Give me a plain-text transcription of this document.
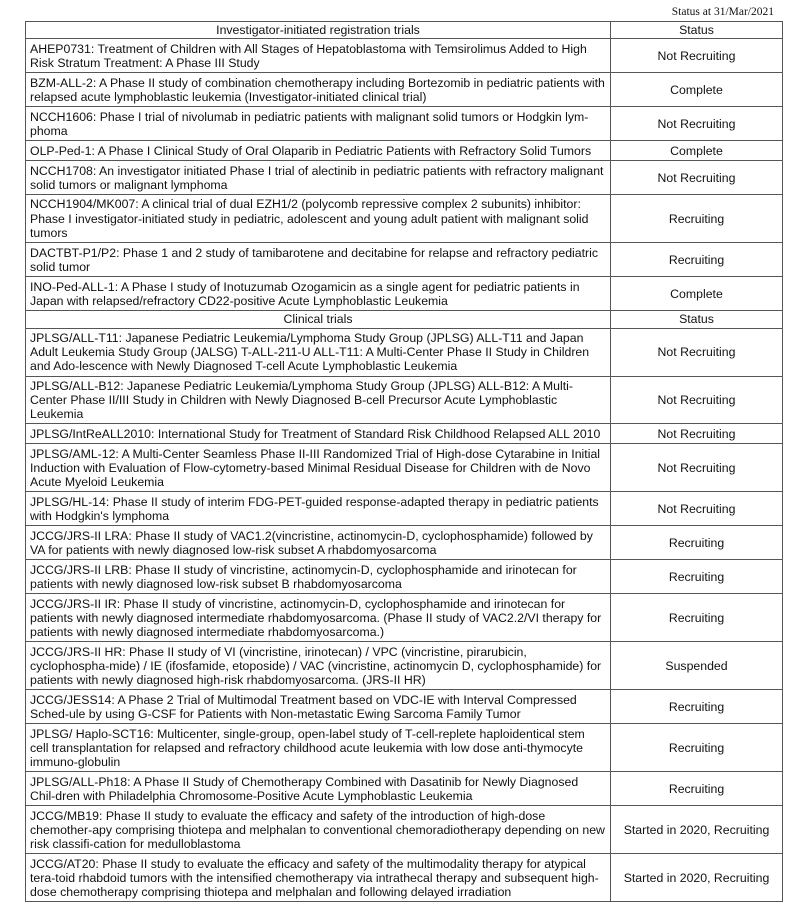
Status at 31/Mar/2021
Investigator-initiated registration trials	Status
AHEP0731: Treatment of Children with All Stages of Hepatoblastoma with Temsirolimus Added to High Risk Stratum Treatment: A Phase III Study	Not Recruiting
BZM-ALL-2: A Phase II study of combination chemotherapy including Bortezomib in pediatric patients with relapsed acute lymphoblastic leukemia (Investigator-initiated clinical trial)	Complete
NCCH1606: Phase I trial of nivolumab in pediatric patients with malignant solid tumors or Hodgkin lym-phoma	Not Recruiting
OLP-Ped-1: A Phase I Clinical Study of Oral Olaparib in Pediatric Patients with Refractory Solid Tumors	Complete
NCCH1708: An investigator initiated Phase I trial of alectinib in pediatric patients with refractory malignant solid tumors or malignant lymphoma	Not Recruiting
NCCH1904/MK007: A clinical trial of dual EZH1/2 (polycomb repressive complex 2 subunits) inhibitor: Phase I investigator-initiated study in pediatric, adolescent and young adult patient with malignant solid tumors	Recruiting
DACTBT-P1/P2: Phase 1 and 2 study of tamibarotene and decitabine for relapse and refractory pediatric solid tumor	Recruiting
INO-Ped-ALL-1: A Phase I study of Inotuzumab Ozogamicin as a single agent for pediatric patients in Japan with relapsed/refractory CD22-positive Acute Lymphoblastic Leukemia	Complete
Clinical trials	Status
JPLSG/ALL-T11: Japanese Pediatric Leukemia/Lymphoma Study Group (JPLSG) ALL-T11 and Japan Adult Leukemia Study Group (JALSG) T-ALL-211-U ALL-T11: A Multi-Center Phase II Study in Children and Ado-lescence with Newly Diagnosed T-cell Acute Lymphoblastic Leukemia	Not Recruiting
JPLSG/ALL-B12: Japanese Pediatric Leukemia/Lymphoma Study Group (JPLSG) ALL-B12: A Multi-Center Phase II/III Study in Children with Newly Diagnosed B-cell Precursor Acute Lymphoblastic Leukemia	Not Recruiting
JPLSG/IntReALL2010: International Study for Treatment of Standard Risk Childhood Relapsed ALL 2010	Not Recruiting
JPLSG/AML-12: A Multi-Center Seamless Phase II-III Randomized Trial of High-dose Cytarabine in Initial Induction with Evaluation of Flow-cytometry-based Minimal Residual Disease for Children with de Novo Acute Myeloid Leukemia	Not Recruiting
JPLSG/HL-14: Phase II study of interim FDG-PET-guided response-adapted therapy in pediatric patients with Hodgkin's lymphoma	Not Recruiting
JCCG/JRS-II LRA: Phase II study of VAC1.2(vincristine, actinomycin-D, cyclophosphamide) followed by VA for patients with newly diagnosed low-risk subset A rhabdomyosarcoma	Recruiting
JCCG/JRS-II LRB: Phase II study of vincristine, actinomycin-D, cyclophosphamide and irinotecan for patients with newly diagnosed low-risk subset B rhabdomyosarcoma	Recruiting
JCCG/JRS-II IR: Phase II study of vincristine, actinomycin-D, cyclophosphamide and irinotecan for patients with newly diagnosed intermediate rhabdomyosarcoma. (Phase II study of VAC2.2/VI therapy for patients with newly diagnosed intermediate rhabdomyosarcoma.)	Recruiting
JCCG/JRS-II HR: Phase II study of VI (vincristine, irinotecan) / VPC (vincristine, pirarubicin, cyclophospha-mide) / IE (ifosfamide, etoposide) / VAC (vincristine, actinomycin D, cyclophosphamide) for patients with newly diagnosed high-risk rhabdomyosarcoma. (JRS-II HR)	Suspended
JCCG/JESS14: A Phase 2 Trial of Multimodal Treatment based on VDC-IE with Interval Compressed Sched-ule by using G-CSF for Patients with Non-metastatic Ewing Sarcoma Family Tumor	Recruiting
JPLSG/ Haplo-SCT16: Multicenter, single-group, open-label study of T-cell-replete haploidentical stem cell transplantation for relapsed and refractory childhood acute leukemia with low dose anti-thymocyte immuno-globulin	Recruiting
JPLSG/ALL-Ph18: A Phase II Study of Chemotherapy Combined with Dasatinib for Newly Diagnosed Chil-dren with Philadelphia Chromosome-Positive Acute Lymphoblastic Leukemia	Recruiting
JCCG/MB19: Phase II study to evaluate the efficacy and safety of the introduction of high-dose chemother-apy comprising thiotepa and melphalan to conventional chemoradiotherapy depending on new risk classifi-cation for medulloblastoma	Started in 2020, Recruiting
JCCG/AT20: Phase II study to evaluate the efficacy and safety of the multimodality therapy for atypical tera-toid rhabdoid tumors with the intensified chemotherapy via intrathecal therapy and subsequent high-dose chemotherapy comprising thiotepa and melphalan and following delayed irradiation	Started in 2020, Recruiting
